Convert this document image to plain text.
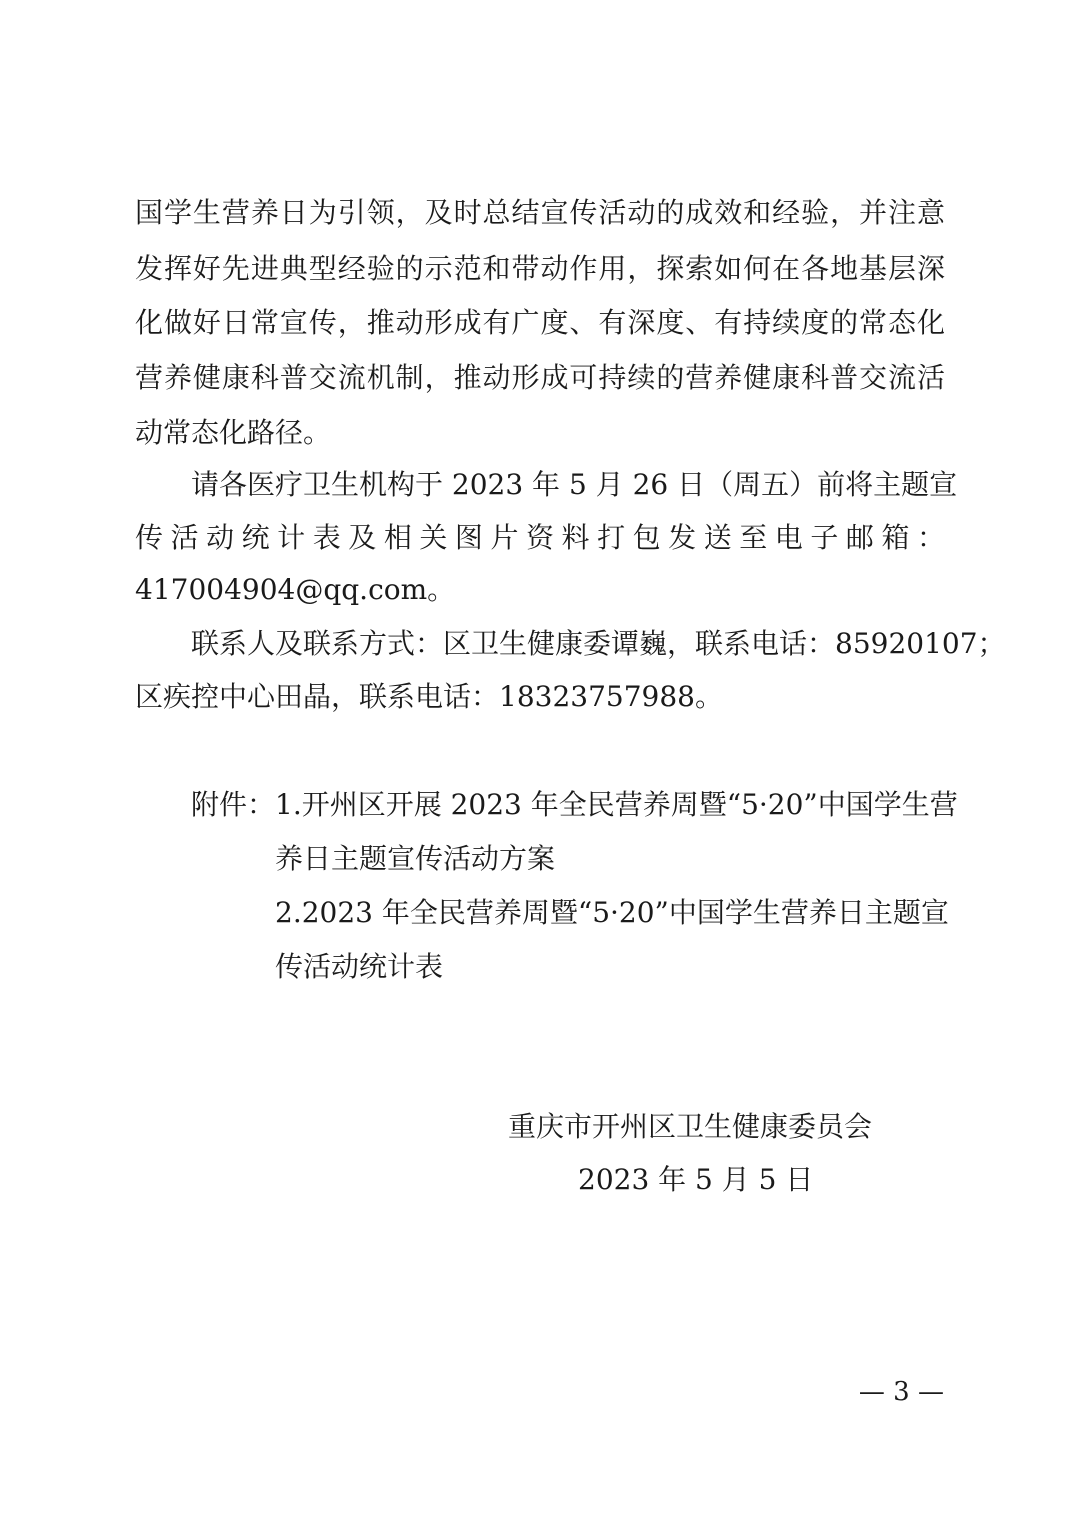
国学生营养日为引领，及时总结宣传活动的成效和经验，并注意
发挥好先进典型经验的示范和带动作用，探索如何在各地基层深
化做好日常宣传，推动形成有广度、有深度、有持续度的常态化
营养健康科普交流机制，推动形成可持续的营养健康科普交流活
动常态化路径。
请各医疗卫生机构于 2023 年 5 月 26 日（周五）前将主题宣
传活动统计表及相关图片资料打包发送至电子邮箱：
417004904@qq.com。
联系人及联系方式：区卫生健康委谭巍，联系电话：85920107；
区疾控中心田晶，联系电话：18323757988。
附件： 1.开州区开展 2023 年全民营养周暨“5·20”中国学生营
养日主题宣传活动方案
2.2023 年全民营养周暨“5·20”中国学生营养日主题宣
传活动统计表
重庆市开州区卫生健康委员会
2023 年 5 月 5 日
— 3 —
